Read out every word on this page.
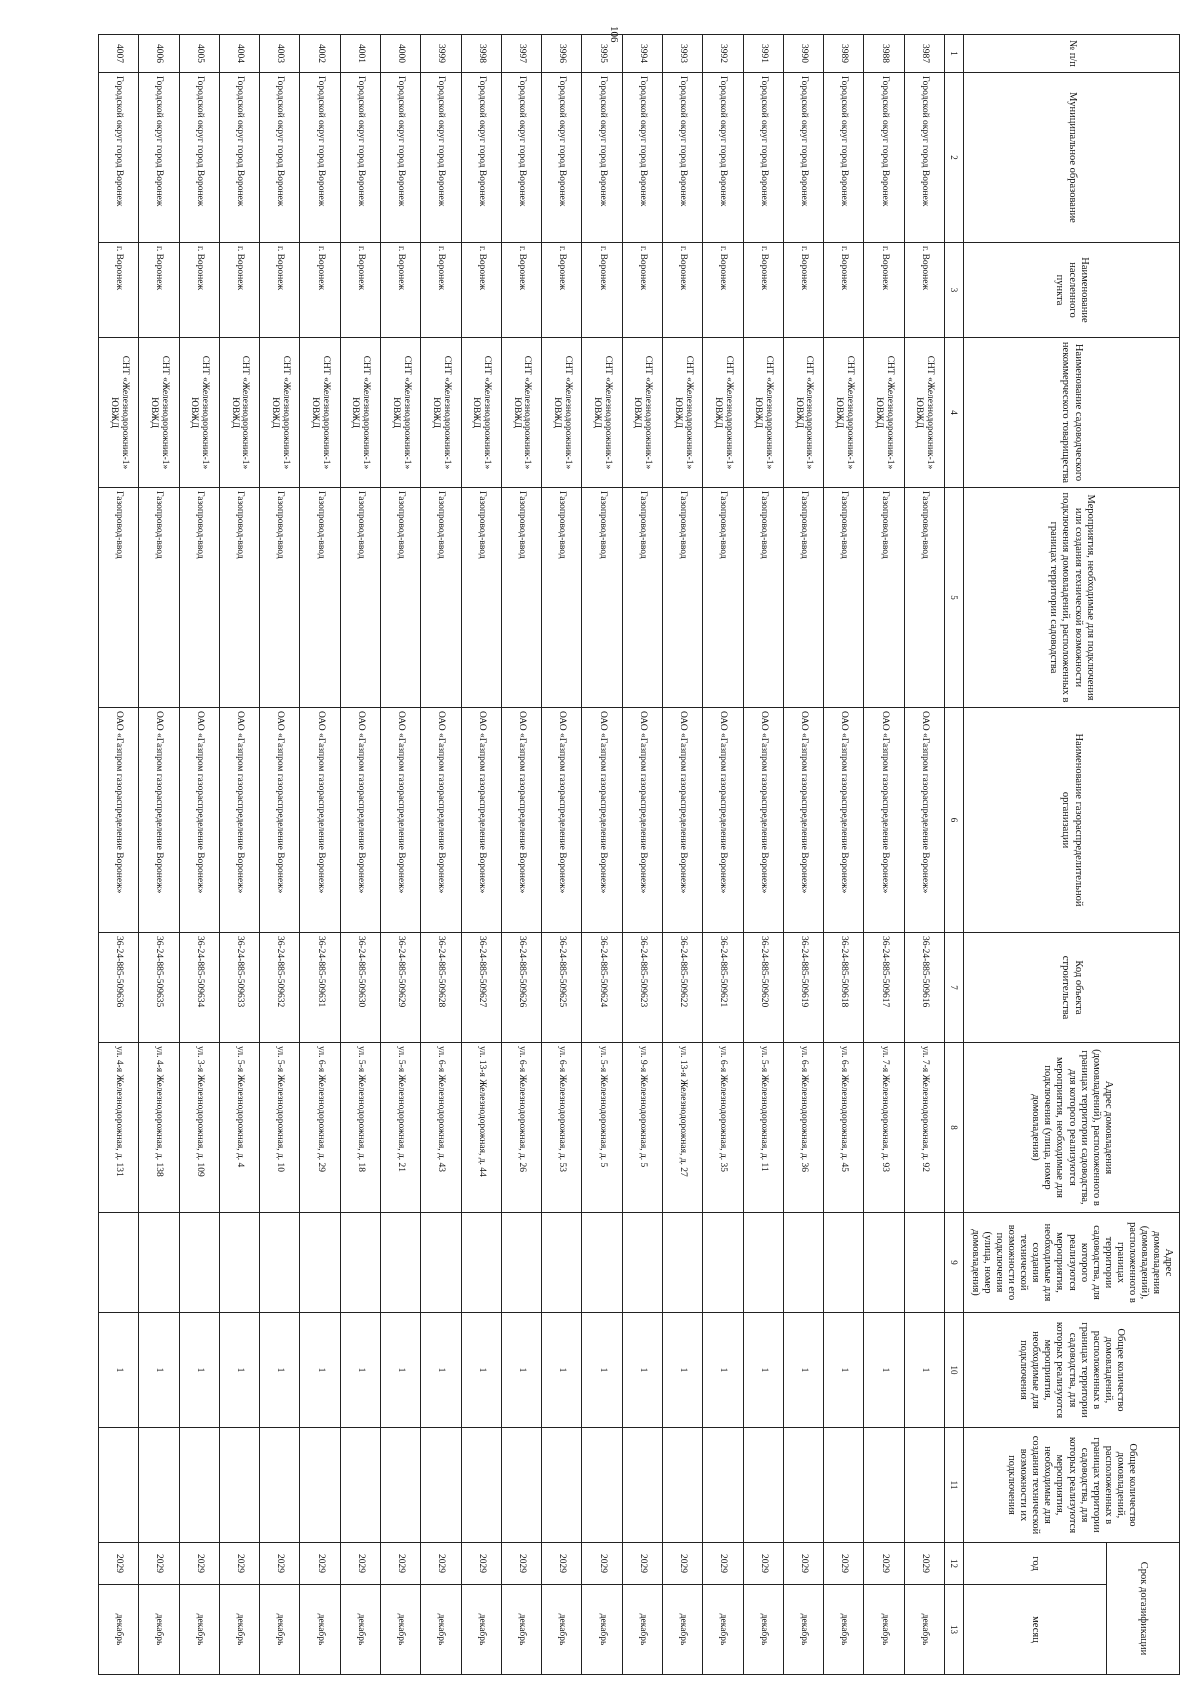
106
№ п/п	Муниципальное образование	Наименование населенного пункта	Наименование садоводческого некоммерческого товарищества	Мероприятия, необходимые для подключения или создания технической возможности подключения домовладений, расположенных в границах территории садоводства	Наименование газораспределительной организации	Код объекта строительства	Адрес домовладения (домовладений), расположенного в границах территории садоводства, для которого реализуются мероприятия, необходимые для подключения (улица, номер домовладения)	Адрес домовладения (домовладений), расположенного в границах территории садоводства, для которого реализуются мероприятия, необходимые для создания технической возможности его подключения (улица, номер домовладения)	Общее количество домовладений, расположенных в границах территории садоводства, для которых реализуются мероприятия, необходимые для подключения	Общее количество домовладений, расположенных в границах территории садоводства, для которых реализуются мероприятия, необходимые для создания технической возможности их подключения	Срок догазификации	
											год	месяц
1	2	3	4	5	6	7	8	9	10	11	12	13
3987	Городской округ город Воронеж	г. Воронеж	СНТ «Железнодорожник-1» ЮВЖД	Газопровод-ввод	ОАО «Газпром газораспределение Воронеж»	36-24-885-509616	ул. 7-я Железнодорожная, д. 92		1		2029	декабрь
3988	Городской округ город Воронеж	г. Воронеж	СНТ «Железнодорожник-1» ЮВЖД	Газопровод-ввод	ОАО «Газпром газораспределение Воронеж»	36-24-885-509617	ул. 7-я Железнодорожная, д. 93		1		2029	декабрь
3989	Городской округ город Воронеж	г. Воронеж	СНТ «Железнодорожник-1» ЮВЖД	Газопровод-ввод	ОАО «Газпром газораспределение Воронеж»	36-24-885-509618	ул. 6-я Железнодорожная, д. 45		1		2029	декабрь
3990	Городской округ город Воронеж	г. Воронеж	СНТ «Железнодорожник-1» ЮВЖД	Газопровод-ввод	ОАО «Газпром газораспределение Воронеж»	36-24-885-509619	ул. 6-я Железнодорожная, д. 36		1		2029	декабрь
3991	Городской округ город Воронеж	г. Воронеж	СНТ «Железнодорожник-1» ЮВЖД	Газопровод-ввод	ОАО «Газпром газораспределение Воронеж»	36-24-885-509620	ул. 5-я Железнодорожная, д. 11		1		2029	декабрь
3992	Городской округ город Воронеж	г. Воронеж	СНТ «Железнодорожник-1» ЮВЖД	Газопровод-ввод	ОАО «Газпром газораспределение Воронеж»	36-24-885-509621	ул. 6-я Железнодорожная, д. 35		1		2029	декабрь
3993	Городской округ город Воронеж	г. Воронеж	СНТ «Железнодорожник-1» ЮВЖД	Газопровод-ввод	ОАО «Газпром газораспределение Воронеж»	36-24-885-509622	ул. 13-я Железнодорожная, д. 27		1		2029	декабрь
3994	Городской округ город Воронеж	г. Воронеж	СНТ «Железнодорожник-1» ЮВЖД	Газопровод-ввод	ОАО «Газпром газораспределение Воронеж»	36-24-885-509623	ул. 9-я Железнодорожная, д. 5		1		2029	декабрь
3995	Городской округ город Воронеж	г. Воронеж	СНТ «Железнодорожник-1» ЮВЖД	Газопровод-ввод	ОАО «Газпром газораспределение Воронеж»	36-24-885-509624	ул. 5-я Железнодорожная, д. 5		1		2029	декабрь
3996	Городской округ город Воронеж	г. Воронеж	СНТ «Железнодорожник-1» ЮВЖД	Газопровод-ввод	ОАО «Газпром газораспределение Воронеж»	36-24-885-509625	ул. 6-я Железнодорожная, д. 53		1		2029	декабрь
3997	Городской округ город Воронеж	г. Воронеж	СНТ «Железнодорожник-1» ЮВЖД	Газопровод-ввод	ОАО «Газпром газораспределение Воронеж»	36-24-885-509626	ул. 6-я Железнодорожная, д. 26		1		2029	декабрь
3998	Городской округ город Воронеж	г. Воронеж	СНТ «Железнодорожник-1» ЮВЖД	Газопровод-ввод	ОАО «Газпром газораспределение Воронеж»	36-24-885-509627	ул. 13-я Железнодорожная, д. 44		1		2029	декабрь
3999	Городской округ город Воронеж	г. Воронеж	СНТ «Железнодорожник-1» ЮВЖД	Газопровод-ввод	ОАО «Газпром газораспределение Воронеж»	36-24-885-509628	ул. 6-я Железнодорожная, д. 43		1		2029	декабрь
4000	Городской округ город Воронеж	г. Воронеж	СНТ «Железнодорожник-1» ЮВЖД	Газопровод-ввод	ОАО «Газпром газораспределение Воронеж»	36-24-885-509629	ул. 5-я Железнодорожная, д. 21		1		2029	декабрь
4001	Городской округ город Воронеж	г. Воронеж	СНТ «Железнодорожник-1» ЮВЖД	Газопровод-ввод	ОАО «Газпром газораспределение Воронеж»	36-24-885-509630	ул. 5-я Железнодорожная, д. 18		1		2029	декабрь
4002	Городской округ город Воронеж	г. Воронеж	СНТ «Железнодорожник-1» ЮВЖД	Газопровод-ввод	ОАО «Газпром газораспределение Воронеж»	36-24-885-509631	ул. 6-я Железнодорожная, д. 29		1		2029	декабрь
4003	Городской округ город Воронеж	г. Воронеж	СНТ «Железнодорожник-1» ЮВЖД	Газопровод-ввод	ОАО «Газпром газораспределение Воронеж»	36-24-885-509632	ул. 5-я Железнодорожная, д. 10		1		2029	декабрь
4004	Городской округ город Воронеж	г. Воронеж	СНТ «Железнодорожник-1» ЮВЖД	Газопровод-ввод	ОАО «Газпром газораспределение Воронеж»	36-24-885-509633	ул. 5-я Железнодорожная, д. 4		1		2029	декабрь
4005	Городской округ город Воронеж	г. Воронеж	СНТ «Железнодорожник-1» ЮВЖД	Газопровод-ввод	ОАО «Газпром газораспределение Воронеж»	36-24-885-509634	ул. 3-я Железнодорожная, д. 109		1		2029	декабрь
4006	Городской округ город Воронеж	г. Воронеж	СНТ «Железнодорожник-1» ЮВЖД	Газопровод-ввод	ОАО «Газпром газораспределение Воронеж»	36-24-885-509635	ул. 4-я Железнодорожная, д. 138		1		2029	декабрь
4007	Городской округ город Воронеж	г. Воронеж	СНТ «Железнодорожник-1» ЮВЖД	Газопровод-ввод	ОАО «Газпром газораспределение Воронеж»	36-24-885-509636	ул. 4-я Железнодорожная, д. 131		1		2029	декабрь
